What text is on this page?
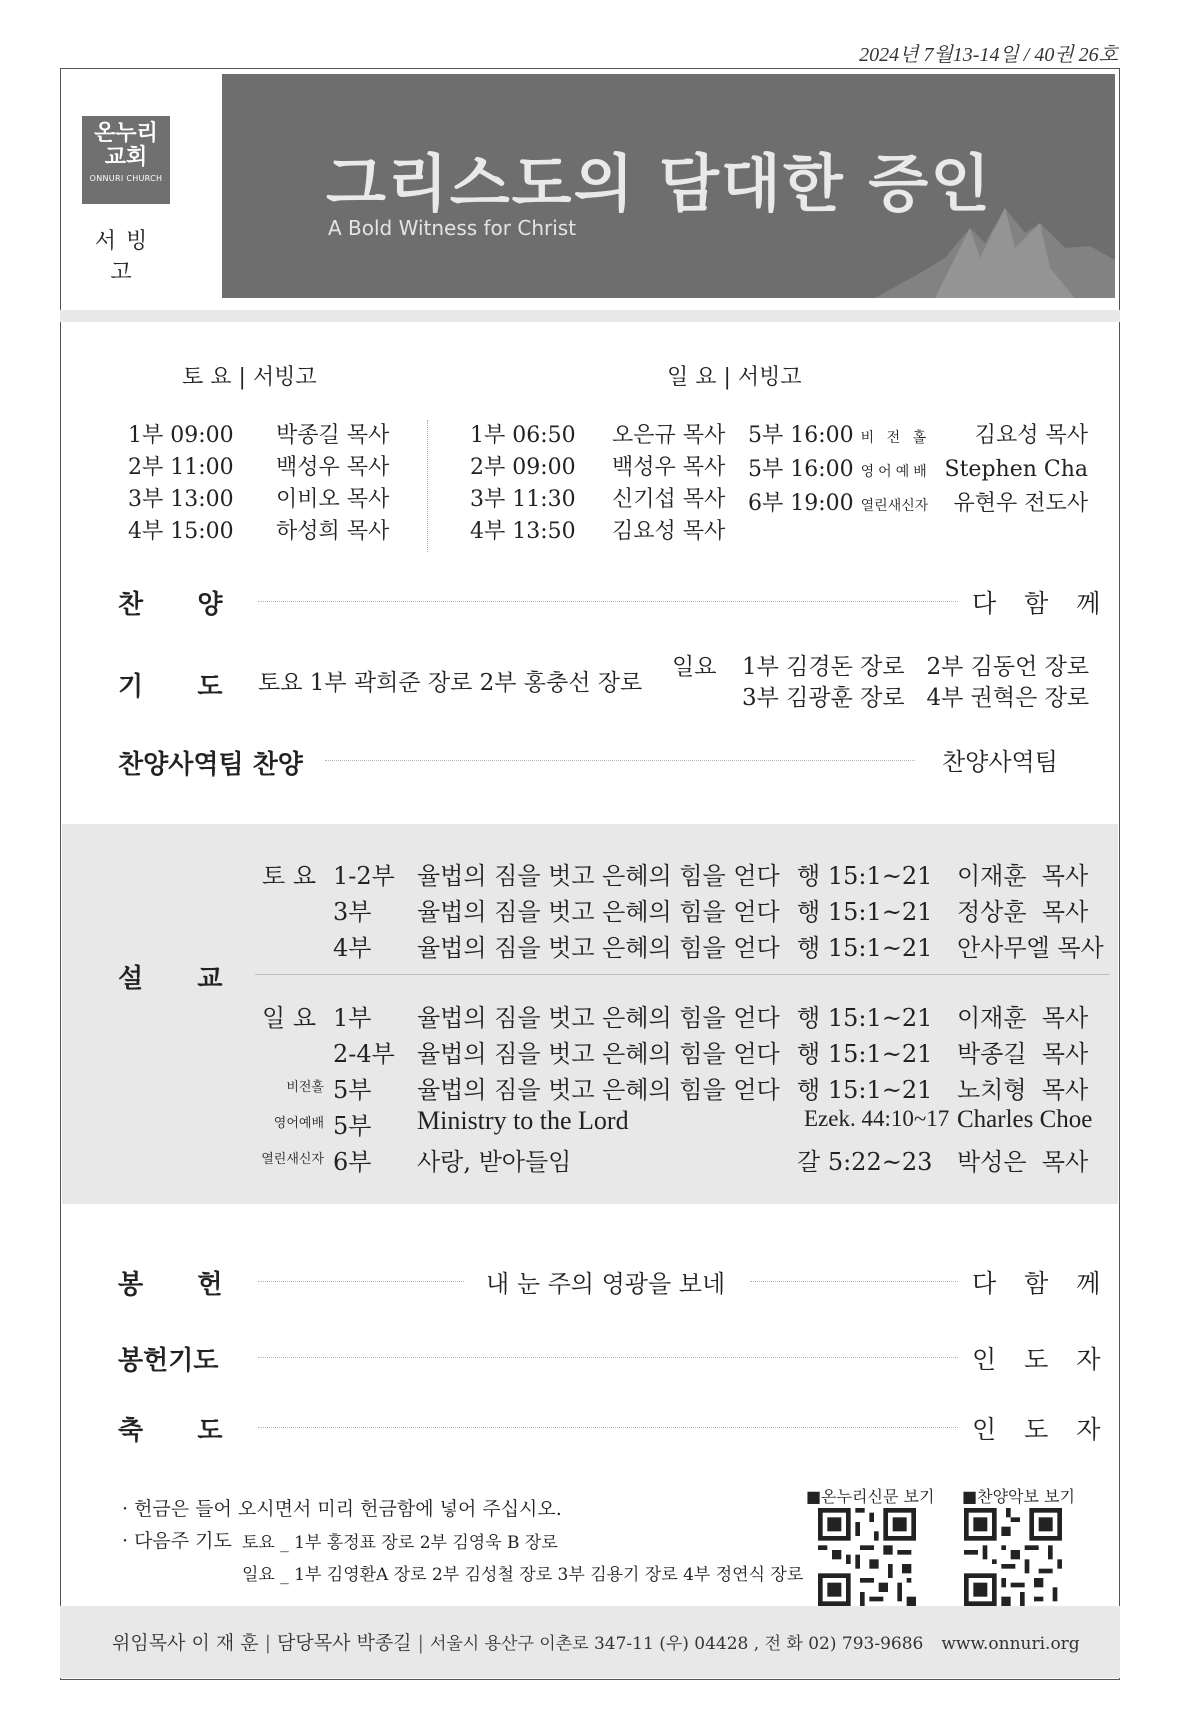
2024년 7월13-14일 / 40권 26호
온누리
교회
ONNURI CHURCH
서빙고
그리스도의 담대한 증인
A Bold Witness for Christ
토 요 | 서빙고	일 요 | 서빙고
1부 09:00 박종길 목사
2부 11:00 백성우 목사
3부 13:00 이비오 목사
4부 15:00 하성희 목사
1부 06:50 오은규 목사
2부 09:00 백성우 목사
3부 11:30 신기섭 목사
4부 13:50 김요성 목사
5부 16:00 비 전 홀 김요성 목사
5부 16:00 영어예배 Stephen Cha
6부 19:00 열린새신자 유현우 전도사
찬      양	다 함 께
기      도 토요 1부 곽희준 장로 2부 홍충선 장로
일요 1부 김경돈 장로   2부 김동언 장로
3부 김광훈 장로   4부 권혁은 장로
찬양사역팀 찬양	찬양사역팀
설      교
토 요 1-2부 율법의 짐을 벗고 은혜의 힘을 얻다 행 15:1~21 이재훈  목사
3부 율법의 짐을 벗고 은혜의 힘을 얻다 행 15:1~21 정상훈  목사
4부 율법의 짐을 벗고 은혜의 힘을 얻다 행 15:1~21 안사무엘 목사
일 요 1부 율법의 짐을 벗고 은혜의 힘을 얻다 행 15:1~21 이재훈  목사
2-4부 율법의 짐을 벗고 은혜의 힘을 얻다 행 15:1~21 박종길  목사
비전홀 5부 율법의 짐을 벗고 은혜의 힘을 얻다 행 15:1~21 노치형  목사
영어예배 5부 Ministry to the Lord	Ezek. 44:10~17 Charles Choe
열린새신자 6부 사랑, 받아들임	갈 5:22~23 박성은  목사
봉      헌	내 눈 주의 영광을 보네	다 함 께
봉헌기도	인 도 자
축      도	인 도 자
· 헌금은 들어 오시면서 미리 헌금함에 넣어 주십시오.
· 다음주 기도 토요 _ 1부 홍정표 장로 2부 김영욱 B 장로
일요 _ 1부 김영환A 장로 2부 김성철 장로 3부 김용기 장로 4부 정연식 장로
■온누리신문 보기 ■찬양악보 보기
위임목사 이 재 훈 | 담당목사 박종길 | 서울시 용산구 이촌로 347-11 (우) 04428 , 전 화 02) 793-9686 www.onnuri.org
